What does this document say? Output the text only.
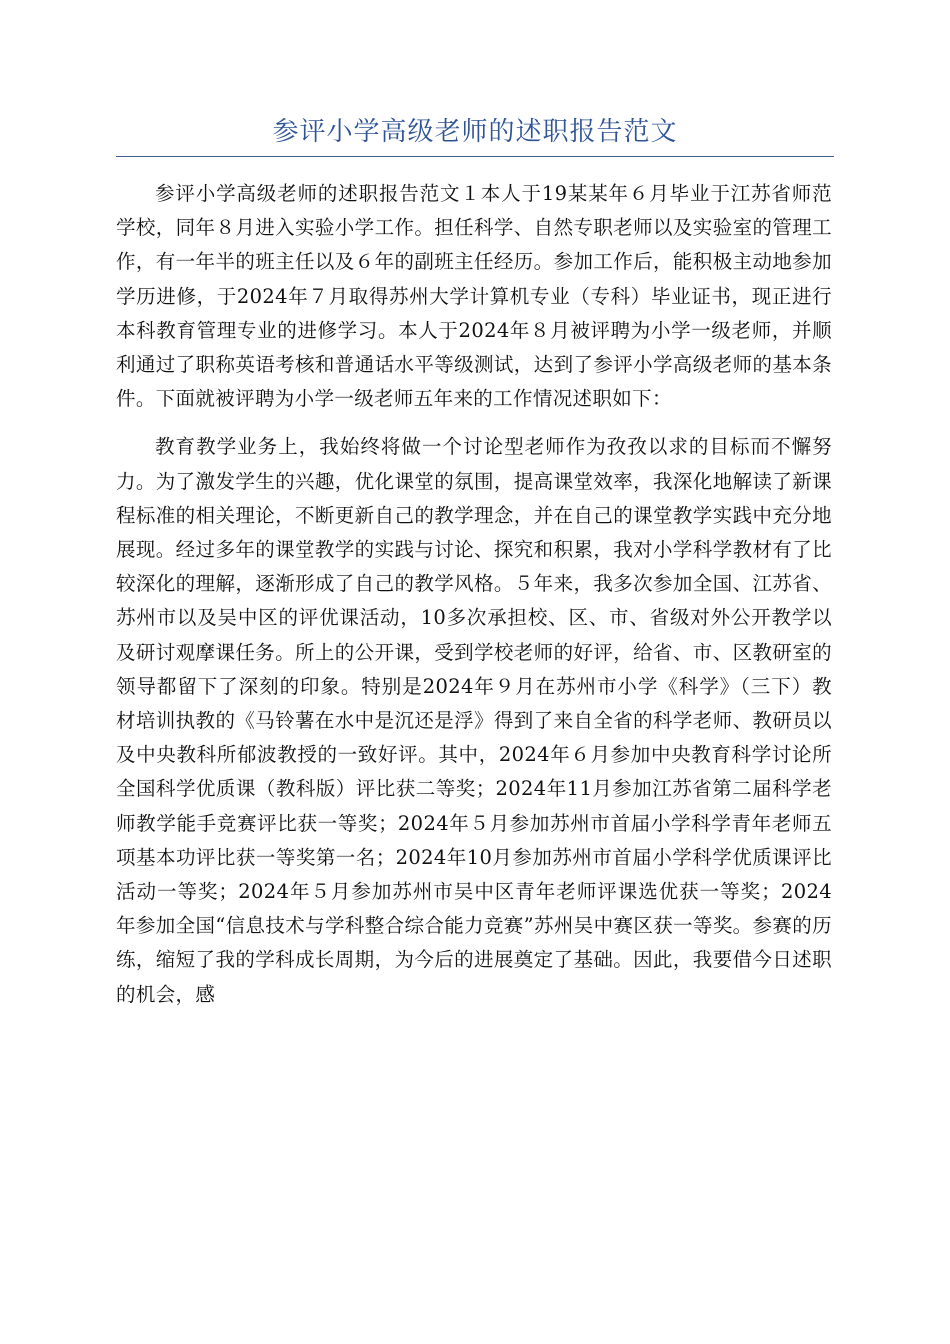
参评小学高级老师的述职报告范文

参评小学高级老师的述职报告范文１本人于19某某年６月毕业于江苏省师范学校，同年８月进入实验小学工作。担任科学、自然专职老师以及实验室的管理工作，有一年半的班主任以及６年的副班主任经历。参加工作后，能积极主动地参加学历进修，于2024年７月取得苏州大学计算机专业（专科）毕业证书，现正进行本科教育管理专业的进修学习。本人于2024年８月被评聘为小学一级老师，并顺利通过了职称英语考核和普通话水平等级测试，达到了参评小学高级老师的基本条件。下面就被评聘为小学一级老师五年来的工作情况述职如下：

教育教学业务上，我始终将做一个讨论型老师作为孜孜以求的目标而不懈努力。为了激发学生的兴趣，优化课堂的氛围，提高课堂效率，我深化地解读了新课程标准的相关理论，不断更新自己的教学理念，并在自己的课堂教学实践中充分地展现。经过多年的课堂教学的实践与讨论、探究和积累，我对小学科学教材有了比较深化的理解，逐渐形成了自己的教学风格。５年来，我多次参加全国、江苏省、苏州市以及吴中区的评优课活动，10多次承担校、区、市、省级对外公开教学以及研讨观摩课任务。所上的公开课，受到学校老师的好评，给省、市、区教研室的领导都留下了深刻的印象。特别是2024年９月在苏州市小学《科学》（三下）教材培训执教的《马铃薯在水中是沉还是浮》得到了来自全省的科学老师、教研员以及中央教科所郁波教授的一致好评。其中，2024年６月参加中央教育科学讨论所全国科学优质课（教科版）评比获二等奖；2024年11月参加江苏省第二届科学老师教学能手竞赛评比获一等奖；2024年５月参加苏州市首届小学科学青年老师五项基本功评比获一等奖第一名；2024年10月参加苏州市首届小学科学优质课评比活动一等奖；2024年５月参加苏州市吴中区青年老师评课选优获一等奖；2024年参加全国“信息技术与学科整合综合能力竞赛”苏州吴中赛区获一等奖。参赛的历练，缩短了我的学科成长周期，为今后的进展奠定了基础。因此，我要借今日述职的机会，感
